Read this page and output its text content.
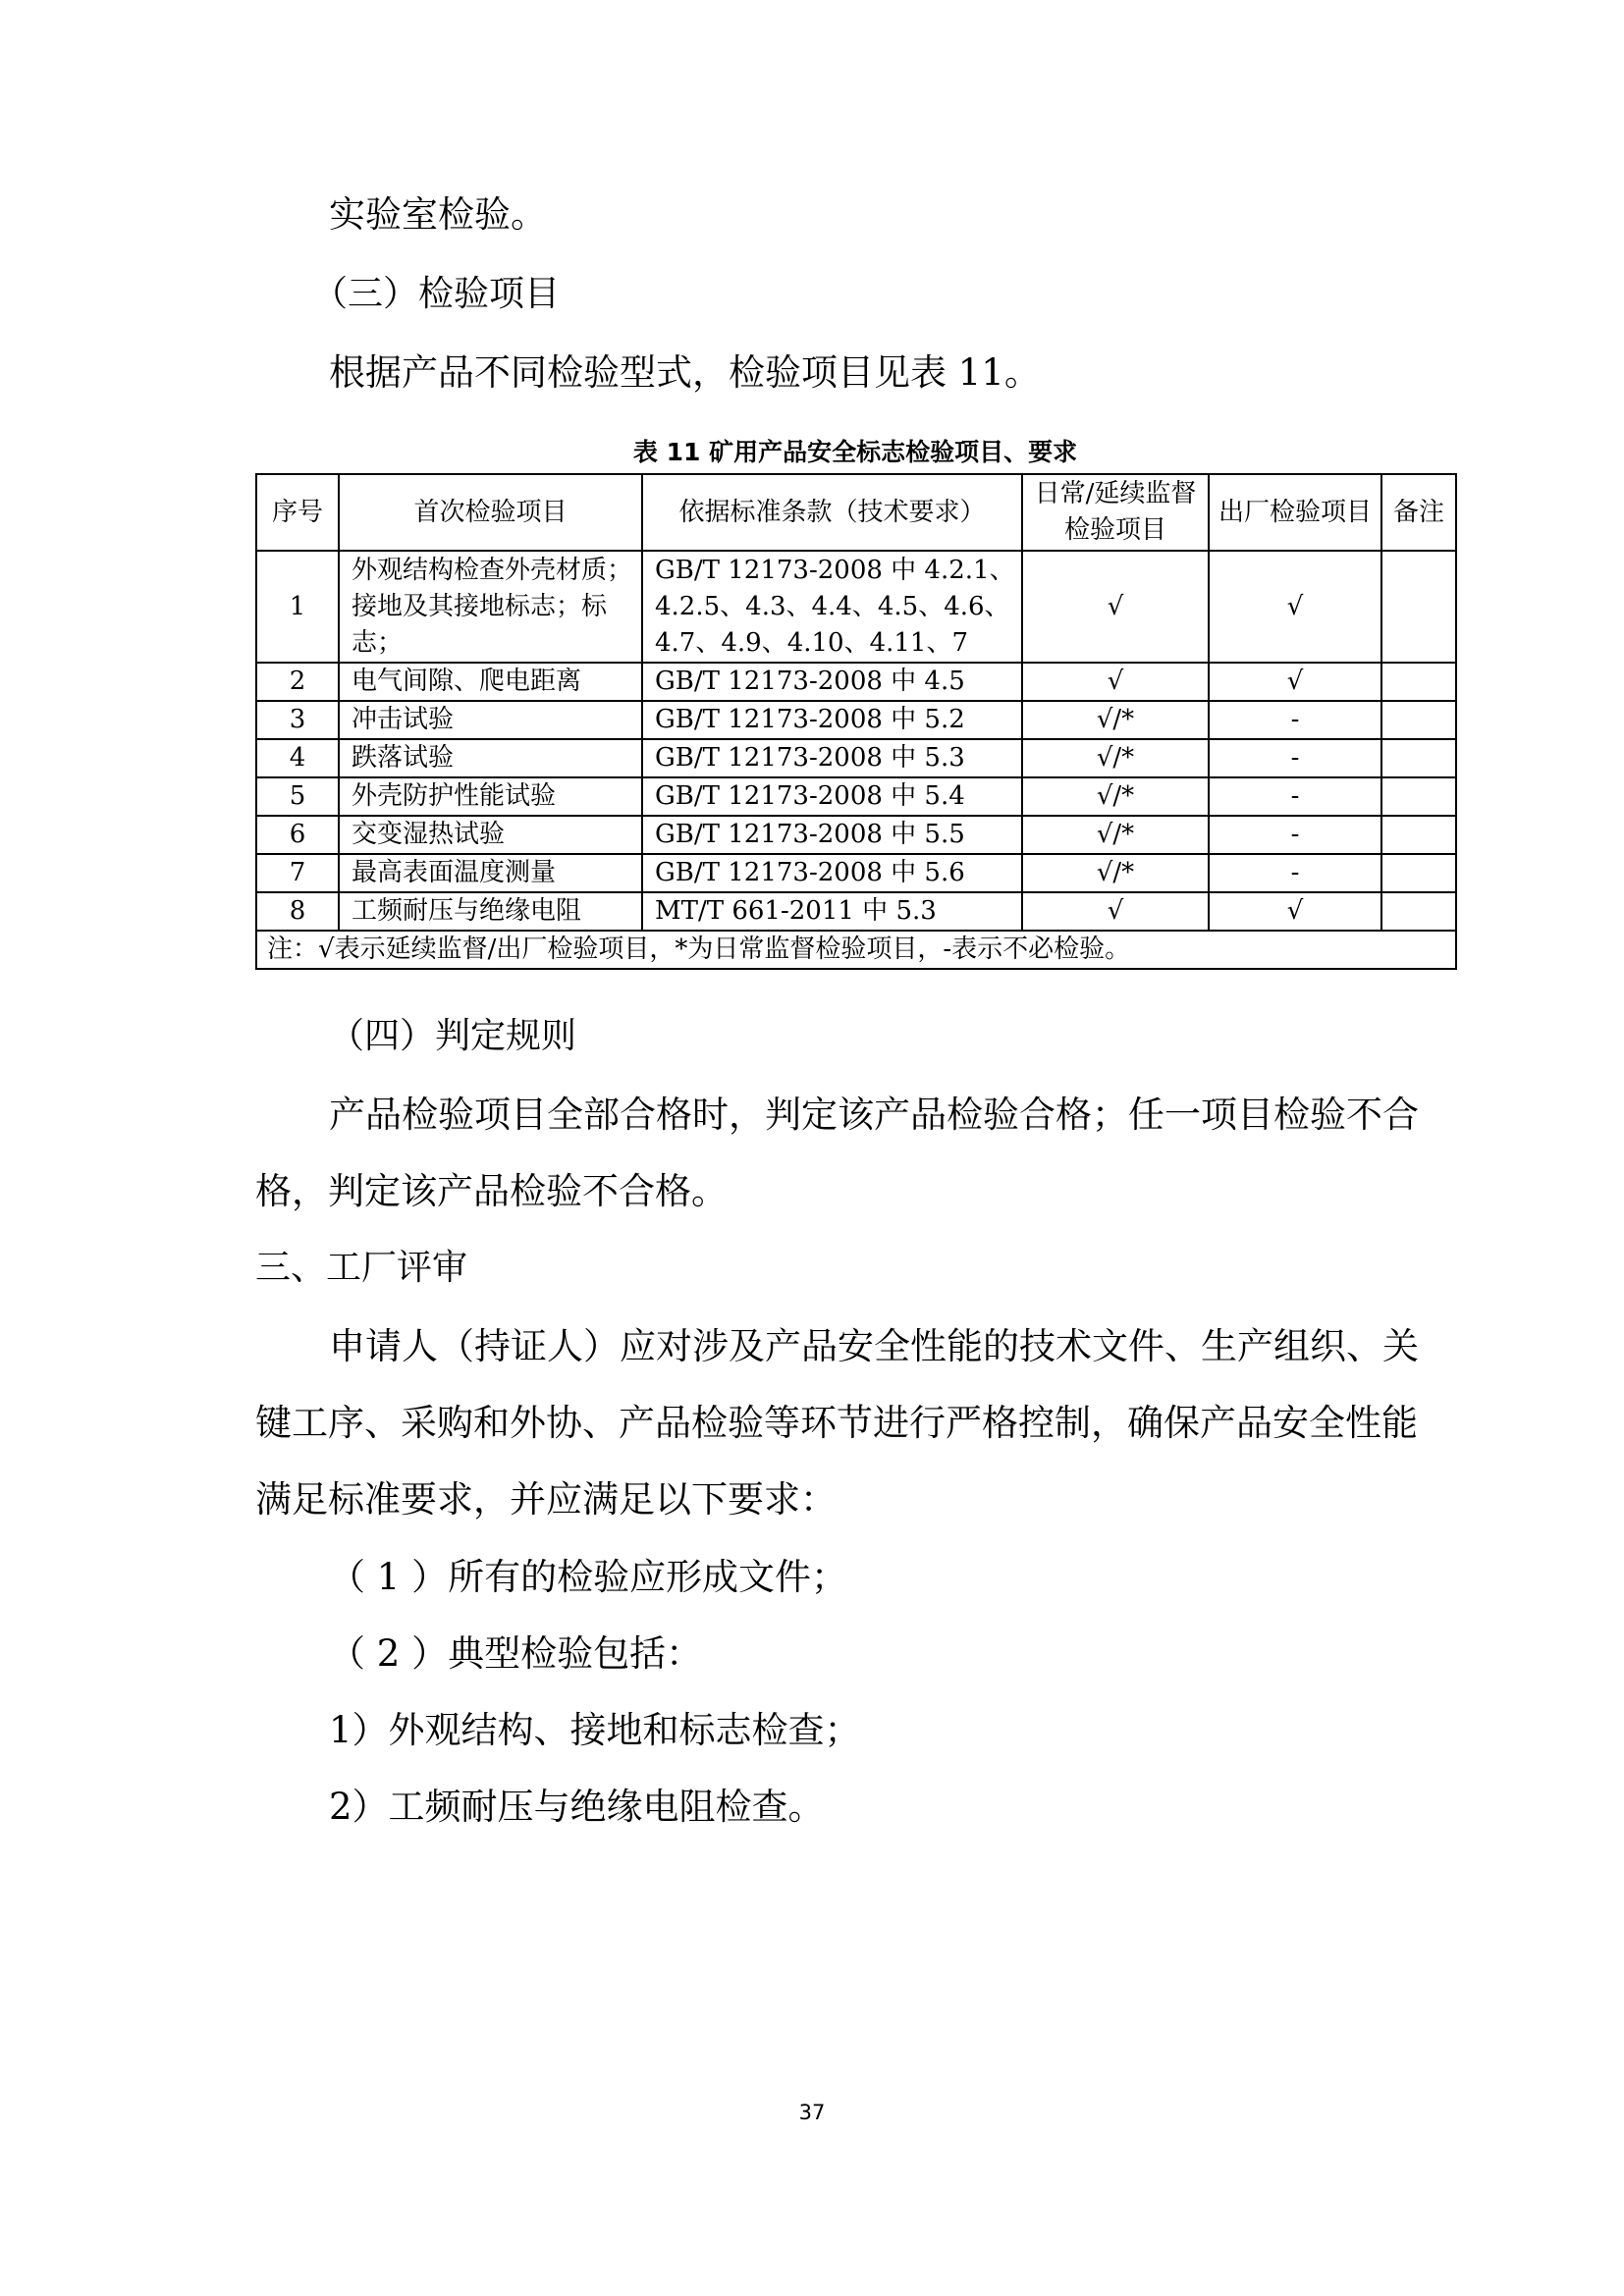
实验室检验。
（三）检验项目
根据产品不同检验型式，检验项目见表 11。
表 11 矿用产品安全标志检验项目、要求
序号	首次检验项目	依据标准条款（技术要求）	日常/延续监督检验项目	出厂检验项目	备注
1	外观结构检查外壳材质；接地及其接地标志；标志；	GB/T 12173-2008 中 4.2.1、4.2.5、4.3、4.4、4.5、4.6、4.7、4.9、4.10、4.11、7	√	√	
2	电气间隙、爬电距离	GB/T 12173-2008 中 4.5	√	√	
3	冲击试验	GB/T 12173-2008 中 5.2	√/*	-	
4	跌落试验	GB/T 12173-2008 中 5.3	√/*	-	
5	外壳防护性能试验	GB/T 12173-2008 中 5.4	√/*	-	
6	交变湿热试验	GB/T 12173-2008 中 5.5	√/*	-	
7	最高表面温度测量	GB/T 12173-2008 中 5.6	√/*	-	
8	工频耐压与绝缘电阻	MT/T 661-2011 中 5.3	√	√	
注：√表示延续监督/出厂检验项目，*为日常监督检验项目，-表示不必检验。					
（四）判定规则
产品检验项目全部合格时，判定该产品检验合格；任一项目检验不合
格，判定该产品检验不合格。
三、工厂评审
申请人（持证人）应对涉及产品安全性能的技术文件、生产组织、关
键工序、采购和外协、产品检验等环节进行严格控制，确保产品安全性能
满足标准要求，并应满足以下要求：
（ 1 ）所有的检验应形成文件；
（ 2 ）典型检验包括：
1）外观结构、接地和标志检查；
2）工频耐压与绝缘电阻检查。
37
